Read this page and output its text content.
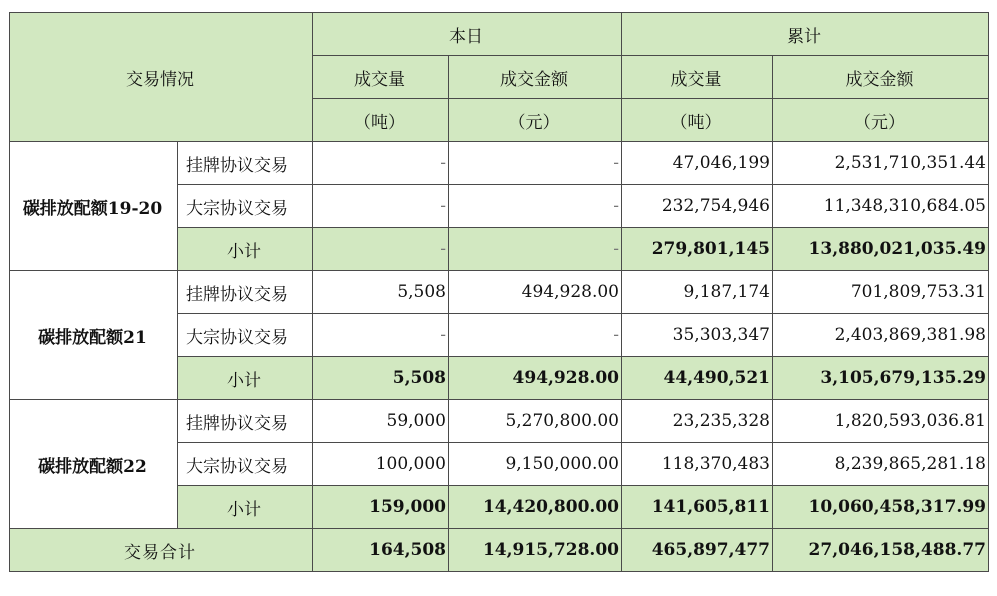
交易情况		本日		累计	
		成交量	成交金额	成交量	成交金额
		（吨）	（元）	（吨）	（元）
碳排放配额19-20	挂牌协议交易	-	-	47,046,199	2,531,710,351.44
	大宗协议交易	-	-	232,754,946	11,348,310,684.05
	小计	-	-	279,801,145	13,880,021,035.49
碳排放配额21	挂牌协议交易	5,508	494,928.00	9,187,174	701,809,753.31
	大宗协议交易	-	-	35,303,347	2,403,869,381.98
	小计	5,508	494,928.00	44,490,521	3,105,679,135.29
碳排放配额22	挂牌协议交易	59,000	5,270,800.00	23,235,328	1,820,593,036.81
	大宗协议交易	100,000	9,150,000.00	118,370,483	8,239,865,281.18
	小计	159,000	14,420,800.00	141,605,811	10,060,458,317.99
交易合计		164,508	14,915,728.00	465,897,477	27,046,158,488.77
